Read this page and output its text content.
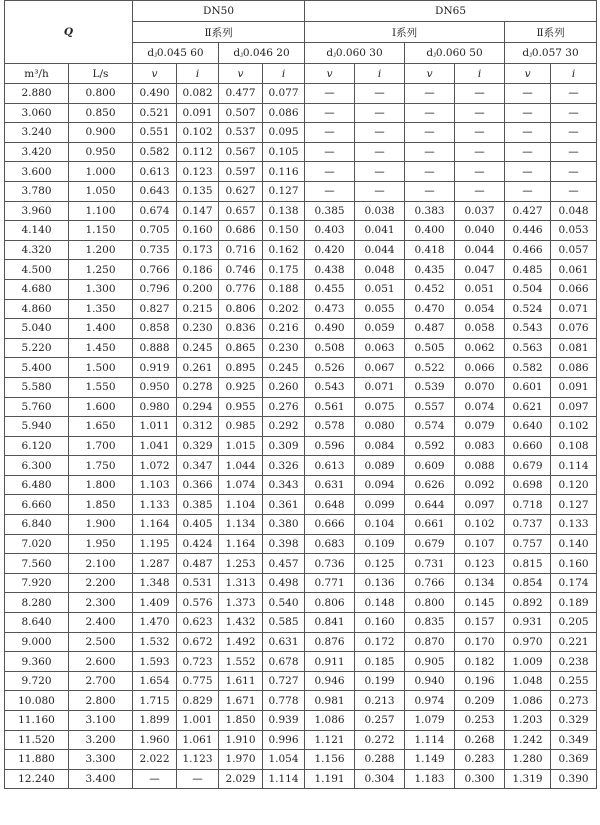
Q		DN50				DN65					
		Ⅱ系列				Ⅰ系列				Ⅱ系列	
		dⱼ0.045 60		dⱼ0.046 20		dⱼ0.060 30		dⱼ0.060 50		dⱼ0.057 30	
m³/h	L/s	v	i	v	i	v	i	v	i	v	i
2.880	0.800	0.490	0.082	0.477	0.077	—	—	—	—	—	—
3.060	0.850	0.521	0.091	0.507	0.086	—	—	—	—	—	—
3.240	0.900	0.551	0.102	0.537	0.095	—	—	—	—	—	—
3.420	0.950	0.582	0.112	0.567	0.105	—	—	—	—	—	—
3.600	1.000	0.613	0.123	0.597	0.116	—	—	—	—	—	—
3.780	1.050	0.643	0.135	0.627	0.127	—	—	—	—	—	—
3.960	1.100	0.674	0.147	0.657	0.138	0.385	0.038	0.383	0.037	0.427	0.048
4.140	1.150	0.705	0.160	0.686	0.150	0.403	0.041	0.400	0.040	0.446	0.053
4.320	1.200	0.735	0.173	0.716	0.162	0.420	0.044	0.418	0.044	0.466	0.057
4.500	1.250	0.766	0.186	0.746	0.175	0.438	0.048	0.435	0.047	0.485	0.061
4.680	1.300	0.796	0.200	0.776	0.188	0.455	0.051	0.452	0.051	0.504	0.066
4.860	1.350	0.827	0.215	0.806	0.202	0.473	0.055	0.470	0.054	0.524	0.071
5.040	1.400	0.858	0.230	0.836	0.216	0.490	0.059	0.487	0.058	0.543	0.076
5.220	1.450	0.888	0.245	0.865	0.230	0.508	0.063	0.505	0.062	0.563	0.081
5.400	1.500	0.919	0.261	0.895	0.245	0.526	0.067	0.522	0.066	0.582	0.086
5.580	1.550	0.950	0.278	0.925	0.260	0.543	0.071	0.539	0.070	0.601	0.091
5.760	1.600	0.980	0.294	0.955	0.276	0.561	0.075	0.557	0.074	0.621	0.097
5.940	1.650	1.011	0.312	0.985	0.292	0.578	0.080	0.574	0.079	0.640	0.102
6.120	1.700	1.041	0.329	1.015	0.309	0.596	0.084	0.592	0.083	0.660	0.108
6.300	1.750	1.072	0.347	1.044	0.326	0.613	0.089	0.609	0.088	0.679	0.114
6.480	1.800	1.103	0.366	1.074	0.343	0.631	0.094	0.626	0.092	0.698	0.120
6.660	1.850	1.133	0.385	1.104	0.361	0.648	0.099	0.644	0.097	0.718	0.127
6.840	1.900	1.164	0.405	1.134	0.380	0.666	0.104	0.661	0.102	0.737	0.133
7.020	1.950	1.195	0.424	1.164	0.398	0.683	0.109	0.679	0.107	0.757	0.140
7.560	2.100	1.287	0.487	1.253	0.457	0.736	0.125	0.731	0.123	0.815	0.160
7.920	2.200	1.348	0.531	1.313	0.498	0.771	0.136	0.766	0.134	0.854	0.174
8.280	2.300	1.409	0.576	1.373	0.540	0.806	0.148	0.800	0.145	0.892	0.189
8.640	2.400	1.470	0.623	1.432	0.585	0.841	0.160	0.835	0.157	0.931	0.205
9.000	2.500	1.532	0.672	1.492	0.631	0.876	0.172	0.870	0.170	0.970	0.221
9.360	2.600	1.593	0.723	1.552	0.678	0.911	0.185	0.905	0.182	1.009	0.238
9.720	2.700	1.654	0.775	1.611	0.727	0.946	0.199	0.940	0.196	1.048	0.255
10.080	2.800	1.715	0.829	1.671	0.778	0.981	0.213	0.974	0.209	1.086	0.273
11.160	3.100	1.899	1.001	1.850	0.939	1.086	0.257	1.079	0.253	1.203	0.329
11.520	3.200	1.960	1.061	1.910	0.996	1.121	0.272	1.114	0.268	1.242	0.349
11.880	3.300	2.022	1.123	1.970	1.054	1.156	0.288	1.149	0.283	1.280	0.369
12.240	3.400	—	—	2.029	1.114	1.191	0.304	1.183	0.300	1.319	0.390
